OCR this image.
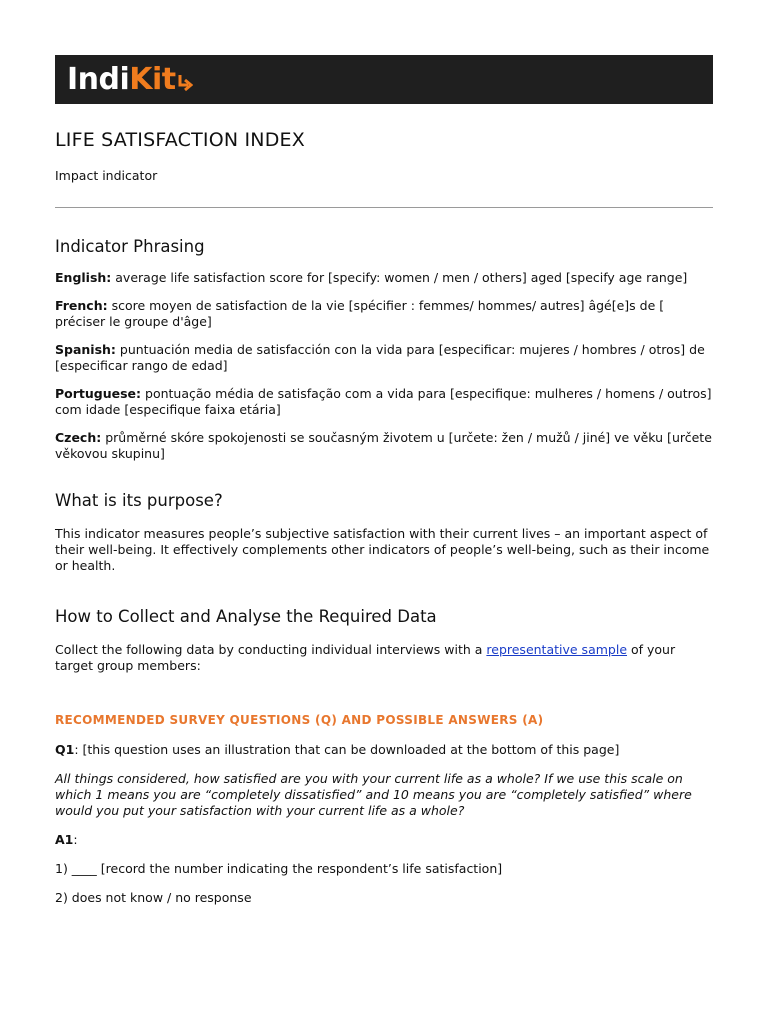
Indi Kit
LIFE SATISFACTION INDEX

Impact indicator

Indicator Phrasing

English: average life satisfaction score for [specify: women / men / others] aged [specify age range]

French: score moyen de satisfaction de la vie [spécifier : femmes/ hommes/ autres] âgé[e]s de [ préciser le groupe d'âge]

Spanish: puntuación media de satisfacción con la vida para [especificar: mujeres / hombres / otros] de [especificar rango de edad]

Portuguese: pontuação média de satisfação com a vida para [especifique: mulheres / homens / outros] com idade [especifique faixa etária]

Czech: průměrné skóre spokojenosti se současným životem u [určete: žen / mužů / jiné] ve věku [určete věkovou skupinu]

What is its purpose?

This indicator measures people’s subjective satisfaction with their current lives – an important aspect of their well-being. It effectively complements other indicators of people’s well-being, such as their income or health.

How to Collect and Analyse the Required Data

Collect the following data by conducting individual interviews with a representative sample of your target group members:

RECOMMENDED SURVEY QUESTIONS (Q) AND POSSIBLE ANSWERS (A)

Q1: [this question uses an illustration that can be downloaded at the bottom of this page]

All things considered, how satisfied are you with your current life as a whole? If we use this scale on which 1 means you are “completely dissatisfied” and 10 means you are “completely satisfied” where would you put your satisfaction with your current life as a whole?

A1:

1) ____ [record the number indicating the respondent’s life satisfaction]

2) does not know / no response
